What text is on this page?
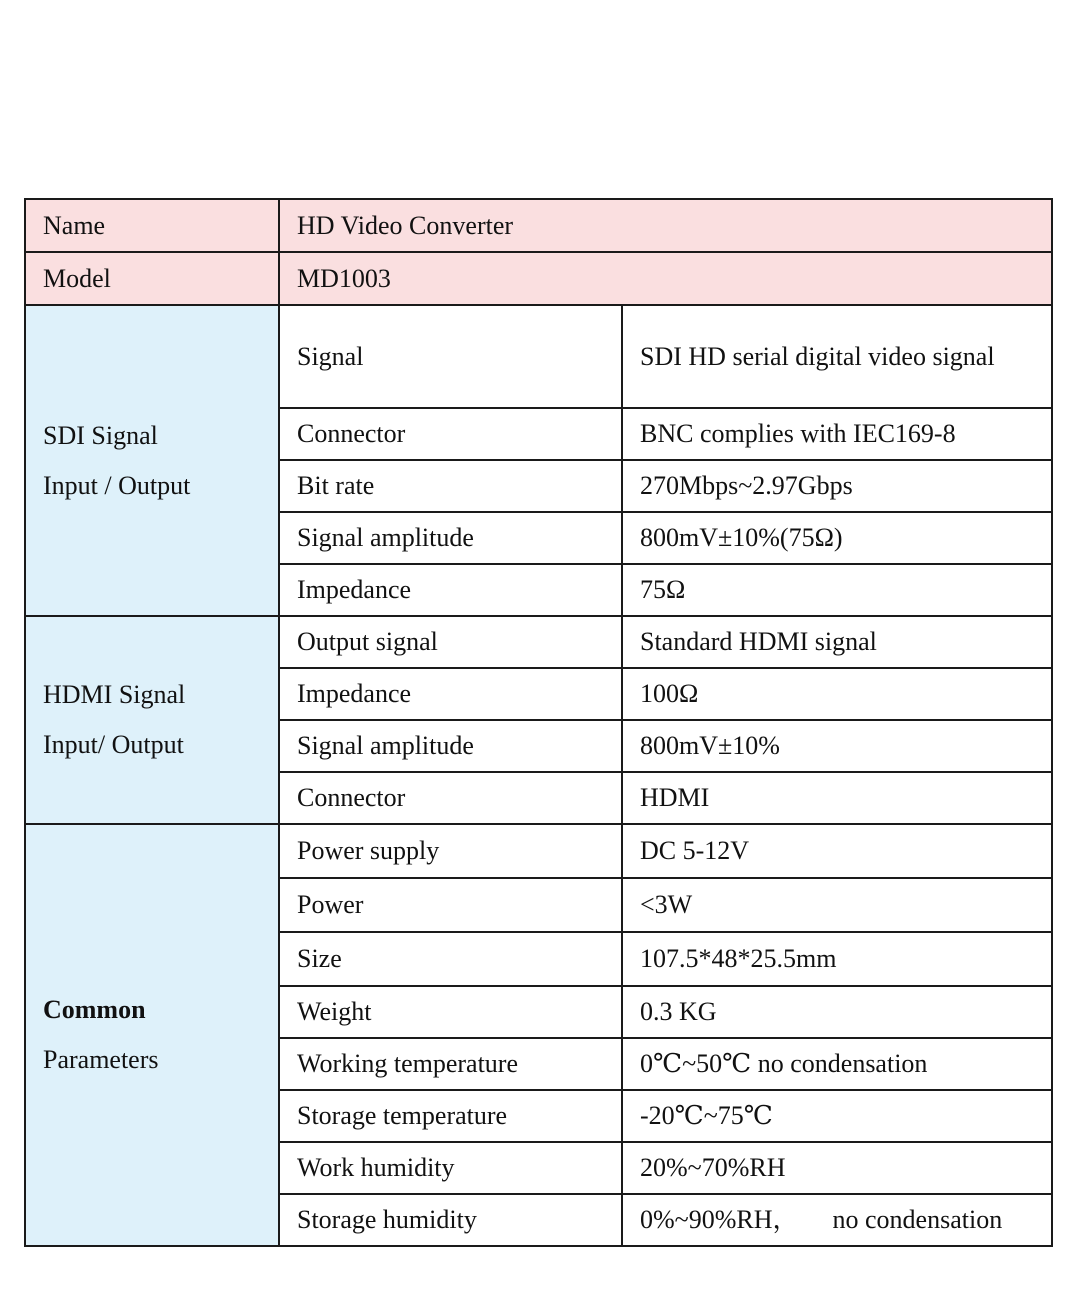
Name	HD Video Converter	
Model	MD1003	

SDI Signal
Input / Output	Signal	SDI HD serial digital video signal
	Connector	BNC complies with IEC169-8
	Bit rate	270Mbps~2.97Gbps
	Signal amplitude	800mV±10%(75Ω)
	Impedance	75Ω

HDMI Signal
Input/ Output	Output signal	Standard HDMI signal
	Impedance	100Ω
	Signal amplitude	800mV±10%
	Connector	HDMI

Common
Parameters	Power supply	DC 5-12V
	Power	<3W
	Size	107.5*48*25.5mm
	Weight	0.3 KG
	Working temperature	0℃~50℃ no condensation
	Storage temperature	-20℃~75℃
	Work humidity	20%~70%RH
	Storage humidity	0%~90%RH， no condensation
